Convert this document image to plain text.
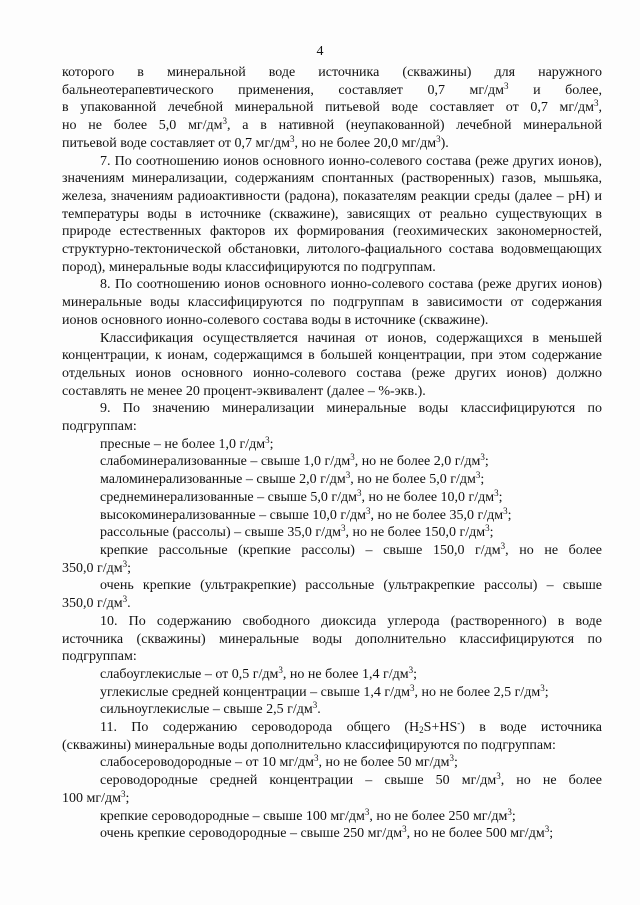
4
которого в минеральной воде источника (скважины) для наружного
бальнеотерапевтического применения, составляет 0,7 $мг/дм^3$ и более,
в упакованной лечебной минеральной питьевой воде составляет от 0,7 $мг/дм^3$,
но не более 5,0 $мг/дм^3$, а в нативной (неупакованной) лечебной минеральной
питьевой воде составляет от 0,7 $мг/дм^3$, но не более 20,0 $мг/дм^3$).

7. По соотношению ионов основного ионно-солевого состава (реже других ионов), значениям минерализации, содержаниям спонтанных (растворенных) газов, мышьяка, железа, значениям радиоактивности (радона), показателям реакции среды (далее – pH) и температуры воды в источнике (скважине), зависящих от реально существующих в природе естественных факторов их формирования (геохимических закономерностей, структурно-тектонической обстановки, литолого-фациального состава водовмещающих пород), минеральные воды классифицируются по подгруппам.

8. По соотношению ионов основного ионно-солевого состава (реже других ионов) минеральные воды классифицируются по подгруппам в зависимости от содержания ионов основного ионно-солевого состава воды в источнике (скважине).

Классификация осуществляется начиная от ионов, содержащихся в меньшей концентрации, к ионам, содержащимся в большей концентрации, при этом содержание отдельных ионов основного ионно-солевого состава (реже других ионов) должно составлять не менее 20 процент-эквивалент (далее – %-экв.).

9. По значению минерализации минеральные воды классифицируются по подгруппам:

пресные – не более 1,0 $г/дм^3$;
слабоминерализованные – свыше 1,0 $г/дм^3$, но не более 2,0 $г/дм^3$;
маломинерализованные – свыше 2,0 $г/дм^3$, но не более 5,0 $г/дм^3$;
среднеминерализованные – свыше 5,0 $г/дм^3$, но не более 10,0 $г/дм^3$;
высокоминерализованные – свыше 10,0 $г/дм^3$, но не более 35,0 $г/дм^3$;
рассольные (рассолы) – свыше 35,0 $г/дм^3$, но не более 150,0 $г/дм^3$;
крепкие рассольные (крепкие рассолы) – свыше 150,0 $г/дм^3$, но не более
350,0 $г/дм^3$;
очень крепкие (ультракрепкие) рассольные (ультракрепкие рассолы) – свыше
350,0 $г/дм^3$.

10. По содержанию свободного диоксида углерода (растворенного) в воде источника (скважины) минеральные воды дополнительно классифицируются по подгруппам:

слабоуглекислые – от 0,5 $г/дм^3$, но не более 1,4 $г/дм^3$;
углекислые средней концентрации – свыше 1,4 $г/дм^3$, но не более 2,5 $г/дм^3$;
сильноуглекислые – свыше 2,5 $г/дм^3$.
11. По содержанию сероводорода общего $(H_2S+HS^-)$ в воде источника
(скважины) минеральные воды дополнительно классифицируются по подгруппам:
слабосероводородные – от 10 $мг/дм^3$, но не более 50 $мг/дм^3$;
сероводородные средней концентрации – свыше 50 $мг/дм^3$, но не более
100 $мг/дм^3$;
крепкие сероводородные – свыше 100 $мг/дм^3$, но не более 250 $мг/дм^3$;
очень крепкие сероводородные – свыше 250 $мг/дм^3$, но не более 500 $мг/дм^3$;
